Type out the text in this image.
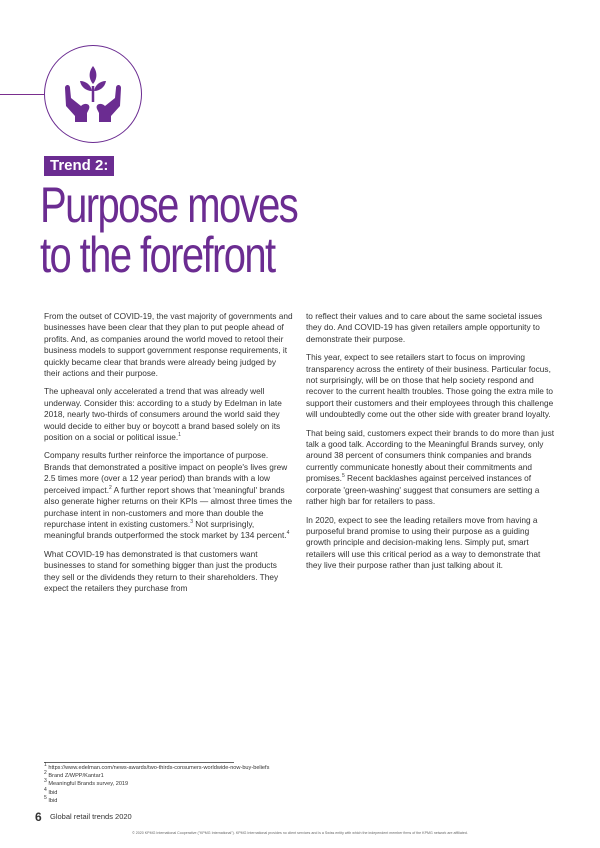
Trend 2:
Purpose moves
to the forefront

From the outset of COVID-19, the vast majority of governments and businesses have been clear that they plan to put people ahead of profits. And, as companies around the world moved to retool their business models to support government response requirements, it quickly became clear that brands were already being judged by their actions and their purpose.

The upheaval only accelerated a trend that was already well underway. Consider this: according to a study by Edelman in late 2018, nearly two-thirds of consumers around the world said they would decide to either buy or boycott a brand based solely on its position on a social or political issue.$^1$

Company results further reinforce the importance of purpose. Brands that demonstrated a positive impact on people's lives grew 2.5 times more (over a 12 year period) than brands with a low perceived impact.$^2$ A further report shows that 'meaningful' brands also generate higher returns on their KPIs — almost three times the purchase intent in non-customers and more than double the repurchase intent in existing customers.$^3$ Not surprisingly, meaningful brands outperformed the stock market by 134 percent.$^4$

What COVID-19 has demonstrated is that customers want businesses to stand for something bigger than just the products they sell or the dividends they return to their shareholders. They expect the retailers they purchase from

to reflect their values and to care about the same societal issues they do. And COVID-19 has given retailers ample opportunity to demonstrate their purpose.

This year, expect to see retailers start to focus on improving transparency across the entirety of their business. Particular focus, not surprisingly, will be on those that help society respond and recover to the current health troubles. Those going the extra mile to support their customers and their employees through this challenge will undoubtedly come out the other side with greater brand loyalty.

That being said, customers expect their brands to do more than just talk a good talk. According to the Meaningful Brands survey, only around 38 percent of consumers think companies and brands currently communicate honestly about their commitments and promises.$^5$ Recent backlashes against perceived instances of corporate 'green-washing' suggest that consumers are setting a rather high bar for retailers to pass.

In 2020, expect to see the leading retailers move from having a purposeful brand promise to using their purpose as a guiding growth principle and decision-making lens. Simply put, smart retailers will use this critical period as a way to demonstrate that they live their purpose rather than just talking about it.

$^1$ https://www.edelman.com/news-awards/two-thirds-consumers-worldwide-now-buy-beliefs
$^2$ Brand Z/WPP/Kantar1
$^3$ Meaningful Brands survey, 2019
$^4$ Ibid
$^5$ Ibid
6 Global retail trends 2020
© 2020 KPMG International Cooperative ("KPMG International"). KPMG International provides no client services and is a Swiss entity with which the independent member firms of the KPMG network are affiliated.
